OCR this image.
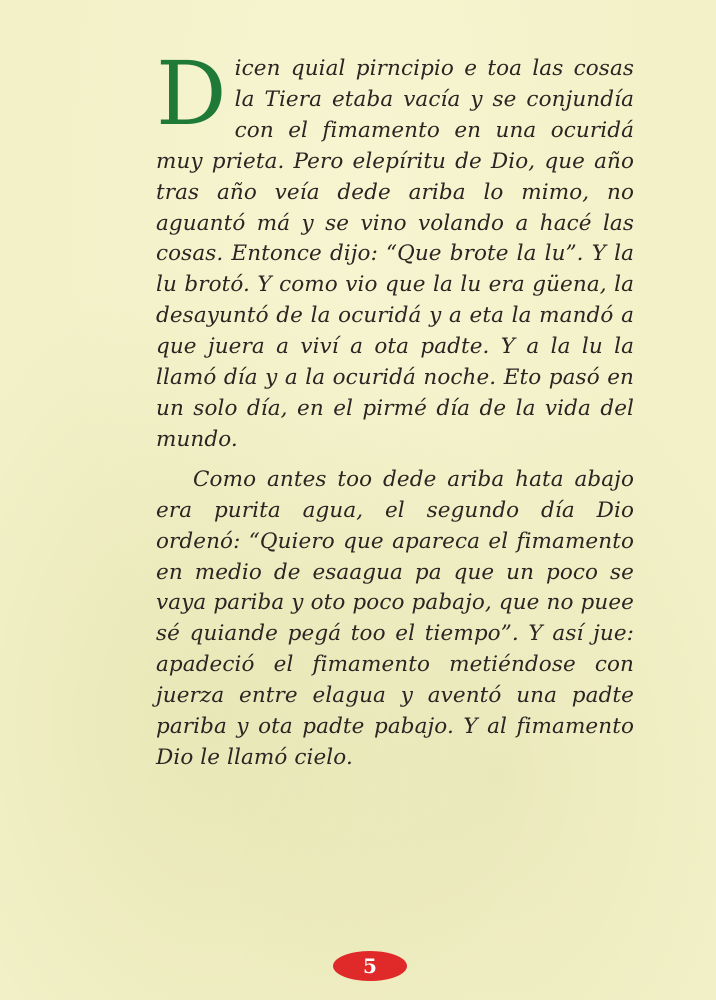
Dicen quial pirncipio e toa las cosas la Tiera etaba vacía y se conjundía con el fimamento en una ocuridá muy prieta. Pero elepíritu de Dio, que año tras año veía dede ariba lo mimo, no aguantó má y se vino volando a hacé las cosas. Entonce dijo: “Que brote la lu”. Y la lu brotó. Y como vio que la lu era güena, la desayuntó de la ocuridá y a eta la mandó a que juera a viví a ota padte. Y a la lu la llamó día y a la ocuridá noche. Eto pasó en un solo día, en el pirmé día de la vida del mundo.

Como antes too dede ariba hata abajo era purita agua, el segundo día Dio ordenó: “Quiero que apareca el fimamento en medio de esaagua pa que un poco se vaya pariba y oto poco pabajo, que no puee sé quiande pegá too el tiempo”. Y así jue: apadeció el fimamento metiéndose con juerza entre elagua y aventó una padte pariba y ota padte pabajo. Y al fimamento Dio le llamó cielo.

5
